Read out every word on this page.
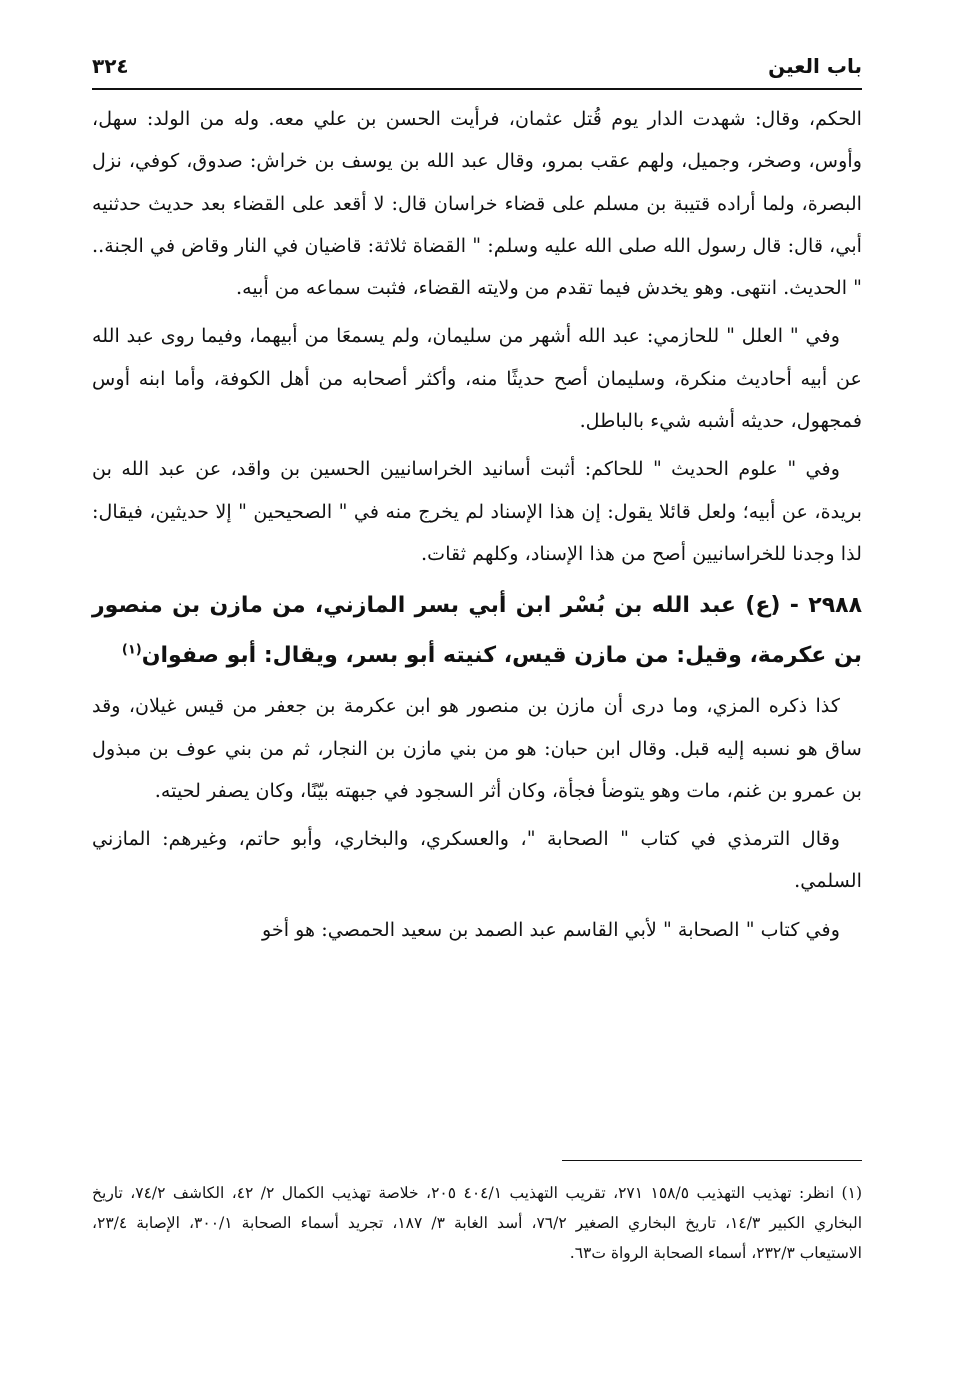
باب العين
٣٢٤

الحكم، وقال: شهدت الدار يوم قُتل عثمان، فرأيت الحسن بن علي معه. وله من الولد: سهل، وأوس، وصخر، وجميل، ولهم عقب بمرو، وقال عبد الله بن يوسف بن خراش: صدوق، كوفي، نزل البصرة، ولما أراده قتيبة بن مسلم على قضاء خراسان قال: لا أقعد على القضاء بعد حديث حدثنيه أبي، قال: قال رسول الله صلى الله عليه وسلم: " القضاة ثلاثة: قاضيان في النار وقاض في الجنة.. " الحديث. انتهى. وهو يخدش فيما تقدم من ولايته القضاء، فثبت سماعه من أبيه.

وفي " العلل " للحازمي: عبد الله أشهر من سليمان، ولم يسمعَا من أبيهما، وفيما روى عبد الله عن أبيه أحاديث منكرة، وسليمان أصح حديثًا منه، وأكثر أصحابه من أهل الكوفة، وأما ابنه أوس فمجهول، حديثه أشبه شيء بالباطل.

وفي " علوم الحديث " للحاكم: أثبت أسانيد الخراسانيين الحسين بن واقد، عن عبد الله بن بريدة، عن أبيه؛ ولعل قائلا يقول: إن هذا الإسناد لم يخرج منه في " الصحيحين " إلا حديثين، فيقال: لذا وجدنا للخراسانيين أصح من هذا الإسناد، وكلهم ثقات.

٢٩٨٨ - (ع) عبد الله بن بُسْر ابن أبي بسر المازني، من مازن بن منصور بن عكرمة، وقيل: من مازن قيس، كنيته أبو بسر، ويقال: أبو صفوان$^{(١)}$

كذا ذكره المزي، وما درى أن مازن بن منصور هو ابن عكرمة بن جعفر من قيس غيلان، وقد ساق هو نسبه إليه قبل. وقال ابن حبان: هو من بني مازن بن النجار، ثم من بني عوف بن مبذول بن عمرو بن غنم، مات وهو يتوضأ فجأة، وكان أثر السجود في جبهته بيّنًا، وكان يصفر لحيته.

وقال الترمذي في كتاب " الصحابة "، والعسكري، والبخاري، وأبو حاتم، وغيرهم: المازني السلمي.

وفي كتاب " الصحابة " لأبي القاسم عبد الصمد بن سعيد الحمصي: هو أخو

(١) انظر: تهذيب التهذيب ١٥٨/٥ ٢٧١، تقريب التهذيب ٤٠٤/١ ٢٠٥، خلاصة تهذيب الكمال ٢/ ٤٢، الكاشف ٧٤/٢، تاريخ البخاري الكبير ١٤/٣، تاريخ البخاري الصغير ٧٦/٢، أسد الغابة ٣/ ١٨٧، تجريد أسماء الصحابة ٣٠٠/١، الإصابة ٢٣/٤، الاستيعاب ٢٣٢/٣، أسماء الصحابة الرواة ت٦٣.
